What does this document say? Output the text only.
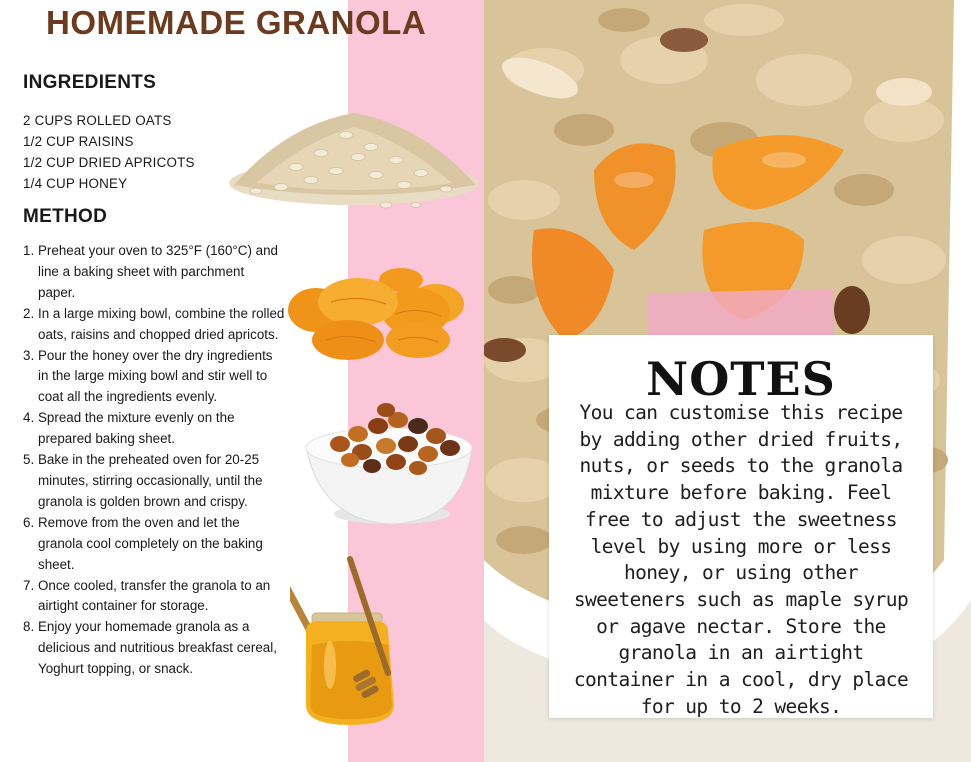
HOMEMADE GRANOLA
INGREDIENTS
2 CUPS ROLLED OATS
1/2 CUP RAISINS
1/2 CUP DRIED APRICOTS
1/4 CUP HONEY
METHOD
1. Preheat your oven to 325°F (160°C) and line a baking sheet with parchment paper.
2. In a large mixing bowl, combine the rolled oats, raisins and chopped dried apricots.
3. Pour the honey over the dry ingredients in the large mixing bowl and stir well to coat all the ingredients evenly.
4. Spread the mixture evenly on the prepared baking sheet.
5. Bake in the preheated oven for 20-25 minutes, stirring occasionally, until the granola is golden brown and crispy.
6. Remove from the oven and let the granola cool completely on the baking sheet.
7. Once cooled, transfer the granola to an airtight container for storage.
8. Enjoy your homemade granola as a delicious and nutritious breakfast cereal, Yoghurt topping, or snack.
NOTES

You can customise this recipe by adding other dried fruits, nuts, or seeds to the granola mixture before baking. Feel free to adjust the sweetness level by using more or less honey, or using other sweeteners such as maple syrup or agave nectar. Store the granola in an airtight container in a cool, dry place for up to 2 weeks.
